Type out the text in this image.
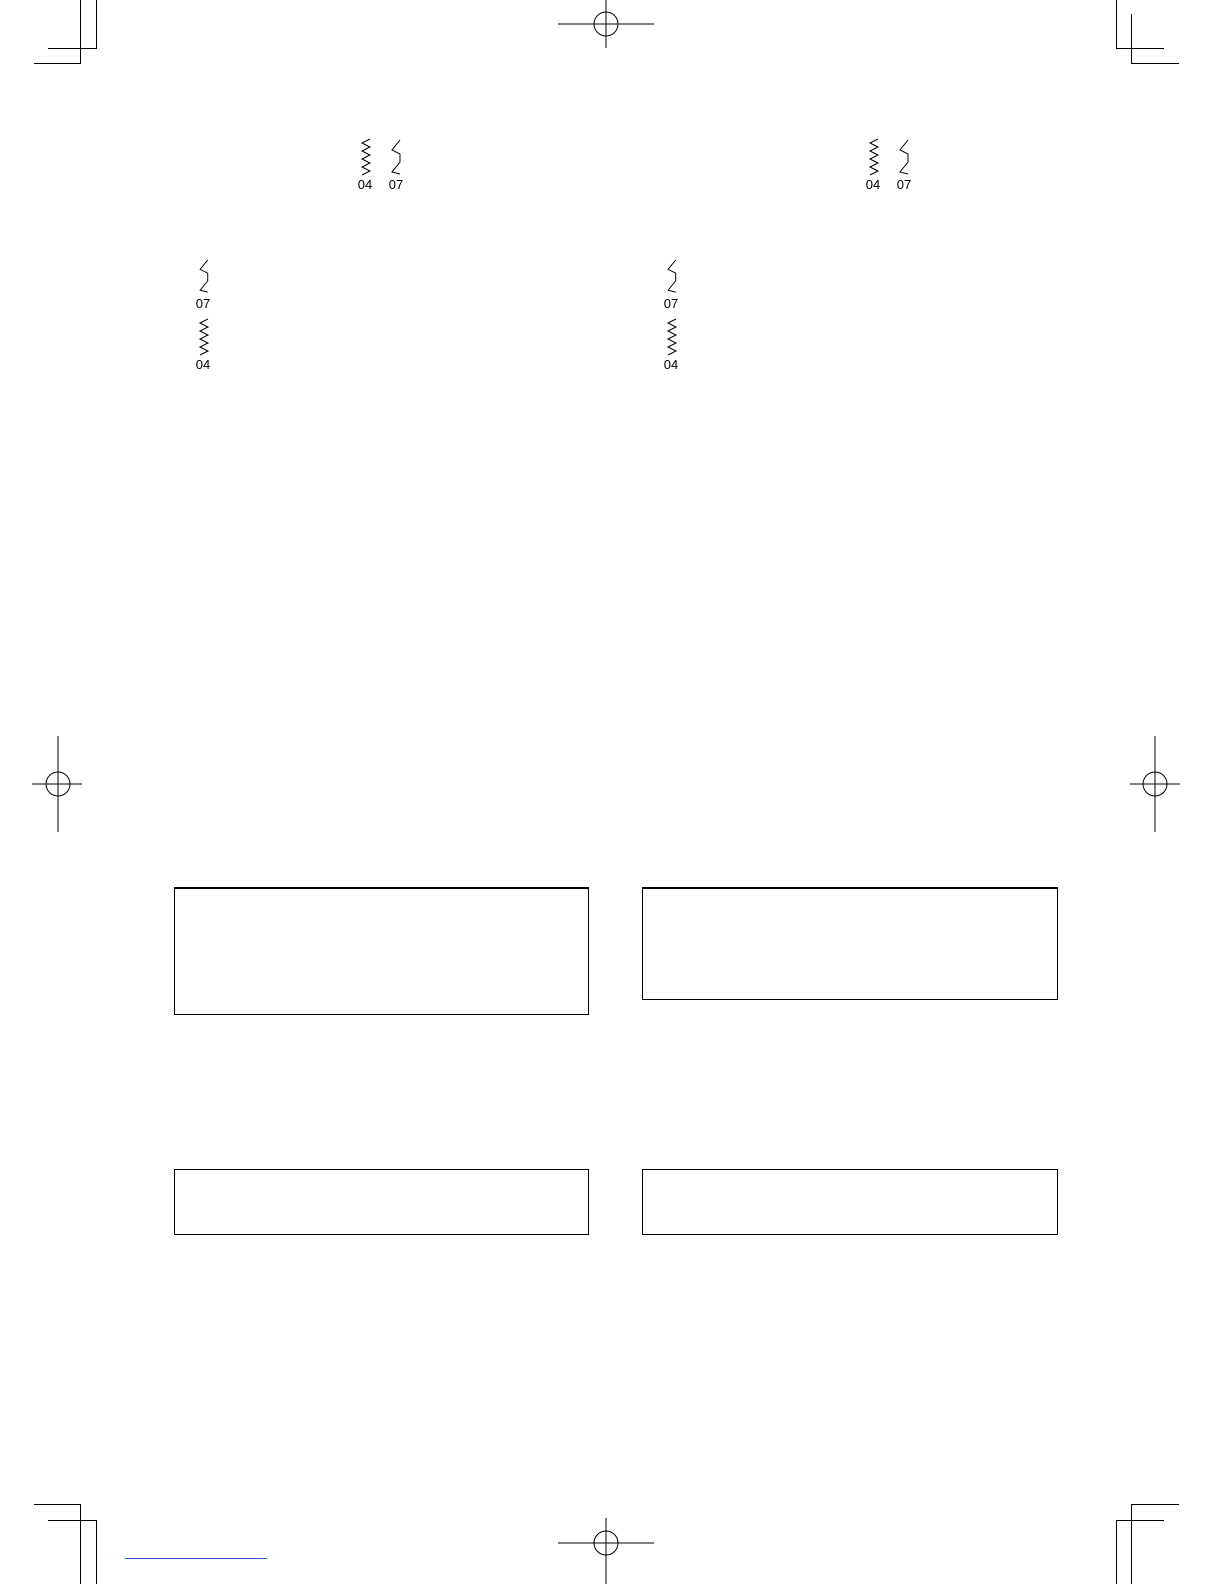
04	07	04	07
07
04
07
04
